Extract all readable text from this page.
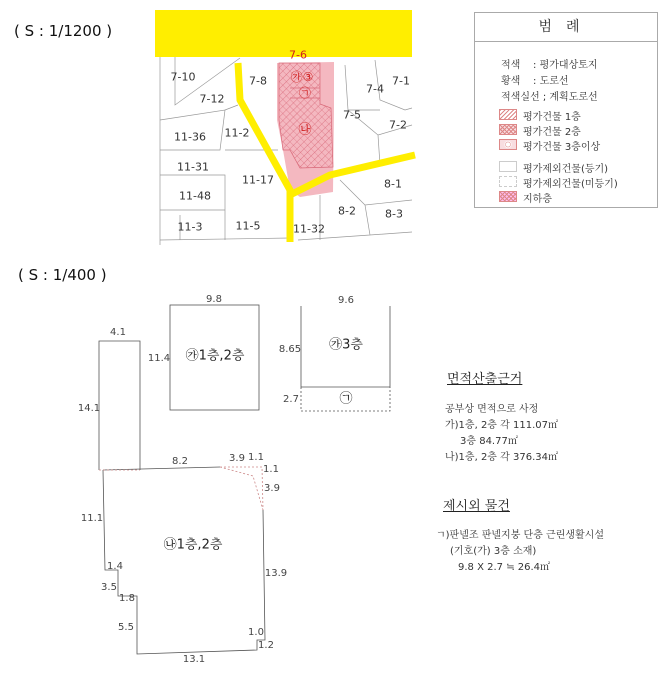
( S : 1/1200 )
( S : 1/400 )
7-6
7-10
7-12
7-8
7-4
7-1
7-5
7-2
11-36 11-2
11-31
11-17
11-48
8-1
8-2	8-3
11-3	11-5	11-32
㉮③
㉠
㉯
범례
적색 : 평가대상토지
황색 : 도로선
적색실선 ; 계획도로선
평가건물 1층
평가건물 2층
평가건물 3층이상
평가제외건물(등기)
평가제외건물(미등기)
지하층
㉮1층,2층
9.8
11.4
㉮3층
9.6
8.65
2.7	㉠
㉯1층,2층
4.1
14.1
8.2	3.9 1.1
1.1
3.9
11.1
1.4
3.5
1.8
5.5
13.9
1.0
1.2
13.1
면적산출근거
공부상 면적으로 사정
가)1층, 2층 각 111.07㎡
3층 84.77㎡
나)1층, 2층 각 376.34㎡
제시외 물건
ㄱ)판넬조 판넬지붕 단층 근린생활시설
(기호(가) 3층 소재)
9.8 X 2.7 ≒ 26.4㎡
